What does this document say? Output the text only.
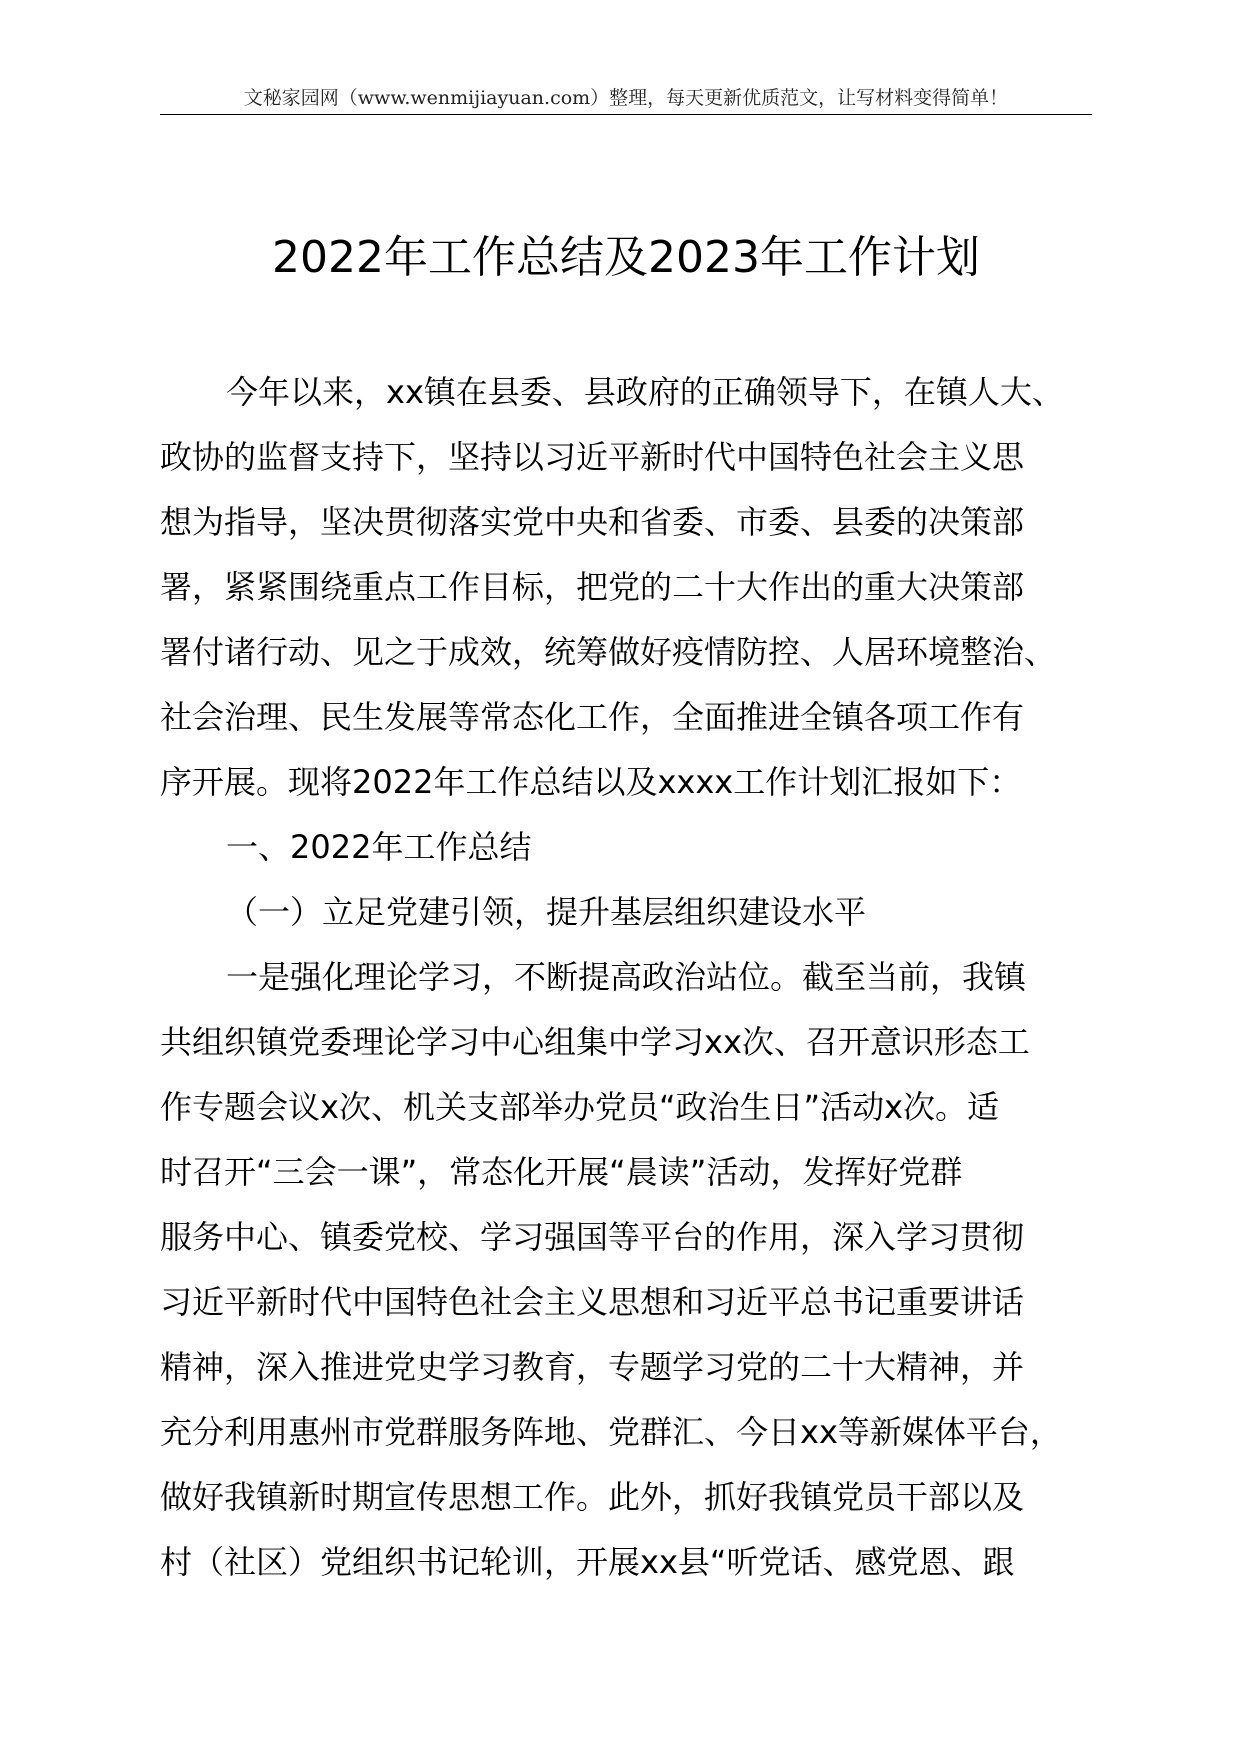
文秘家园网（www.wenmijiayuan.com）整理，每天更新优质范文，让写材料变得简单！
2022年工作总结及2023年工作计划
今年以来，xx镇在县委、县政府的正确领导下，在镇人大、
政协的监督支持下，坚持以习近平新时代中国特色社会主义思
想为指导，坚决贯彻落实党中央和省委、市委、县委的决策部
署，紧紧围绕重点工作目标，把党的二十大作出的重大决策部
署付诸行动、见之于成效，统筹做好疫情防控、人居环境整治、
社会治理、民生发展等常态化工作，全面推进全镇各项工作有
序开展。现将2022年工作总结以及xxxx工作计划汇报如下：
一、2022年工作总结
（一）立足党建引领，提升基层组织建设水平
一是强化理论学习，不断提高政治站位。截至当前，我镇
共组织镇党委理论学习中心组集中学习xx次、召开意识形态工
作专题会议x次、机关支部举办党员“政治生日”活动x次。适
时召开“三会一课”，常态化开展“晨读”活动，发挥好党群
服务中心、镇委党校、学习强国等平台的作用，深入学习贯彻
习近平新时代中国特色社会主义思想和习近平总书记重要讲话
精神，深入推进党史学习教育，专题学习党的二十大精神，并
充分利用惠州市党群服务阵地、党群汇、今日xx等新媒体平台，
做好我镇新时期宣传思想工作。此外，抓好我镇党员干部以及
村（社区）党组织书记轮训，开展xx县“听党话、感党恩、跟
